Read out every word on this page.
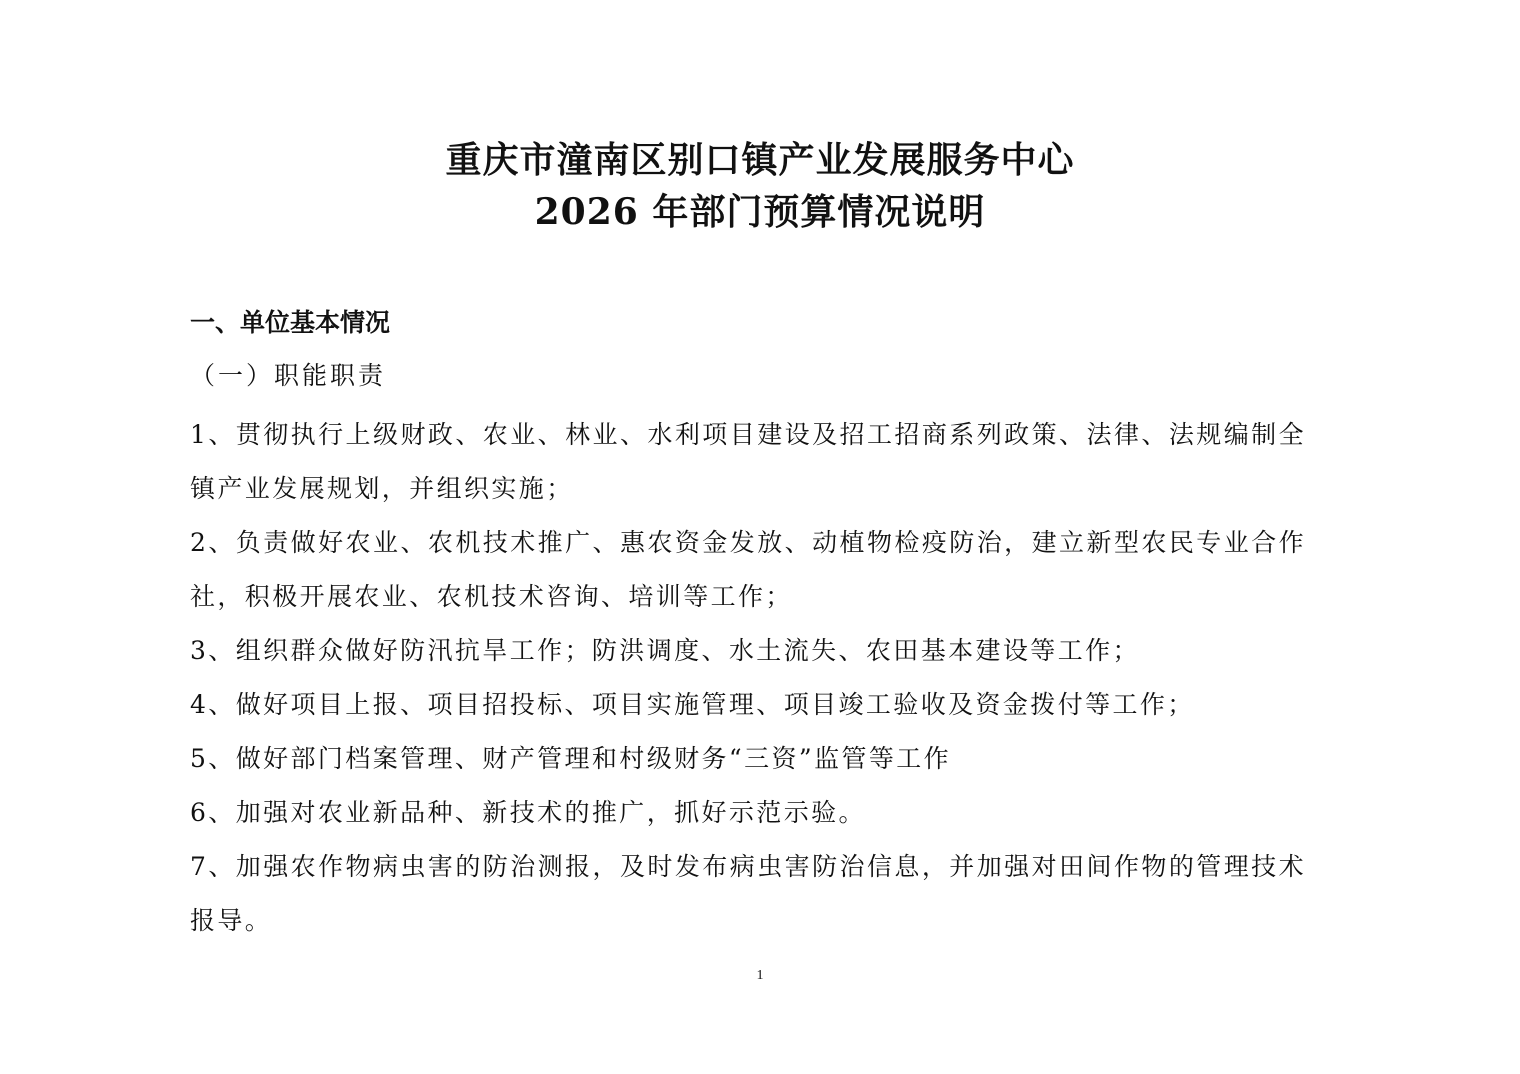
重庆市潼南区别口镇产业发展服务中心

2026 年部门预算情况说明

一、单位基本情况

（一）职能职责

1、贯彻执行上级财政、农业、林业、水利项目建设及招工招商系列政策、法律、法规编制全镇产业发展规划，并组织实施；
2、负责做好农业、农机技术推广、惠农资金发放、动植物检疫防治，建立新型农民专业合作社，积极开展农业、农机技术咨询、培训等工作；
3、组织群众做好防汛抗旱工作；防洪调度、水土流失、农田基本建设等工作；
4、做好项目上报、项目招投标、项目实施管理、项目竣工验收及资金拨付等工作；
5、做好部门档案管理、财产管理和村级财务“三资”监管等工作
6、加强对农业新品种、新技术的推广，抓好示范示验。
7、加强农作物病虫害的防治测报，及时发布病虫害防治信息，并加强对田间作物的管理技术报导。
1
